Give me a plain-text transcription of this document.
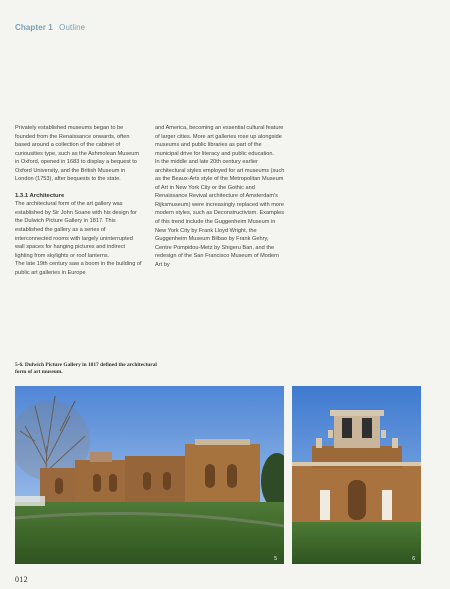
Chapter 1 Outline

Privately established museums began to be founded from the Renaissance onwards, often based around a collection of the cabinet of curiousities type, such as the Ashmolean Museum in Oxford, opened in 1683 to display a bequest to Oxford University, and the British Museum in London (1753), after bequests to the state.

1.3.1 Architecture

The architectural form of the art gallery was established by Sir John Soane with his design for the Dulwich Picture Gallery in 1817. This established the gallery as a series of interconnected rooms with largely uninterrupted wall spaces for hanging pictures and indirect lighting from skylights or roof lanterns.

The late 19th century saw a boom in the building of public art galleries in Europe

and America, becoming an essential cultural feature of larger cities. More art galleries rose up alongside museums and public libraries as part of the municipal drive for literacy and public education.

In the middle and late 20th century earlier architectural styles employed for art museums (such as the Beaux-Arts style of the Metropolitan Museum of Art in New York City or the Gothic and Renaissance Revival architecture of Amsterdam's Rijksmuseum) were increasingly replaced with more modern styles, such as Deconstructivism. Examples of this trend include the Guggenheim Museum in New York City by Frank Lloyd Wright, the Guggenheim Museum Bilbao by Frank Gehry, Centre Pompidou-Metz by Shigeru Ban, and the redesign of the San Francisco Museum of Modern Art by

5-6. Dulwich Picture Gallery in 1817 defined the architectural form of art museum.
5	6
012
